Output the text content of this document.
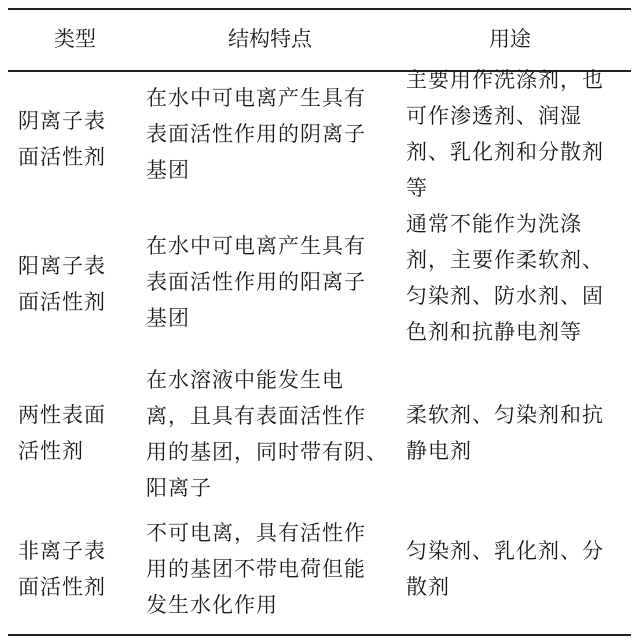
类型	结构特点	用途
阴离子表
面活性剂
在水中可电离产生具有
表面活性作用的阴离子
基团
主要用作洗涤剂，也
可作渗透剂、润湿
剂、乳化剂和分散剂
等
阳离子表
面活性剂
在水中可电离产生具有
表面活性作用的阳离子
基团
通常不能作为洗涤
剂，主要作柔软剂、
匀染剂、防水剂、固
色剂和抗静电剂等
两性表面
活性剂
在水溶液中能发生电
离，且具有表面活性作
用的基团，同时带有阴、
阳离子
柔软剂、匀染剂和抗
静电剂
非离子表
面活性剂
不可电离，具有活性作
用的基团不带电荷但能
发生水化作用
匀染剂、乳化剂、分
散剂
